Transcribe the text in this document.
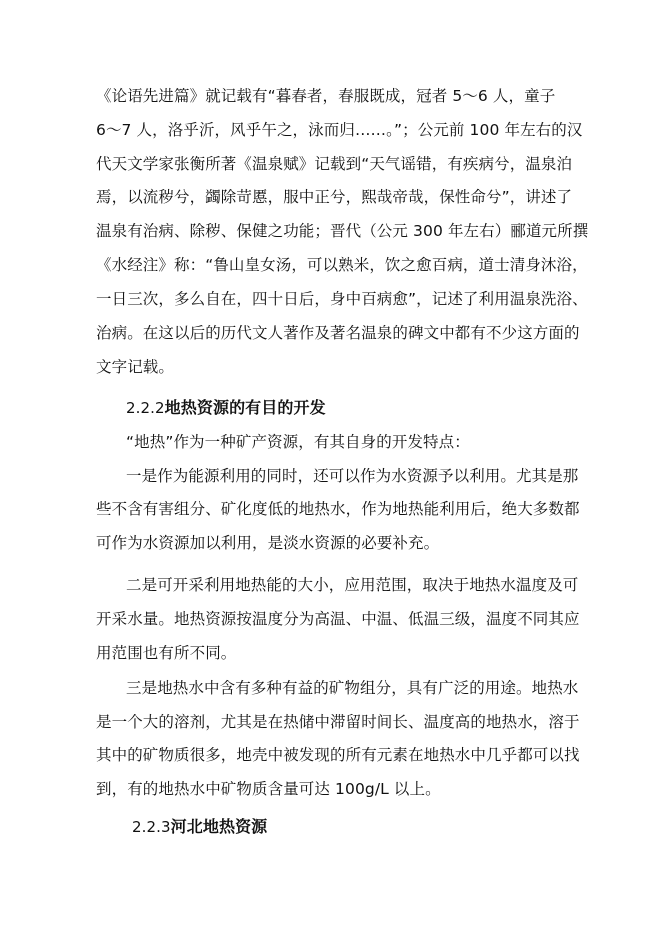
《论语先进篇》就记载有“暮春者，春服既成，冠者 5～6 人，童子
6～7 人，洛乎沂，风乎午之，泳而归……。”；公元前 100 年左右的汉
代天文学家张衡所著《温泉赋》记载到“天气谣错，有疾病兮，温泉泊
焉，以流秽兮，蠲除苛慝，服中正兮，熙哉帝哉，保性命兮”，讲述了
温泉有治病、除秽、保健之功能；晋代（公元 300 年左右）郦道元所撰
《水经注》称：“鲁山皇女汤，可以熟米，饮之愈百病，道士清身沐浴，
一日三次，多么自在，四十日后，身中百病愈”，记述了利用温泉洗浴、
治病。在这以后的历代文人著作及著名温泉的碑文中都有不少这方面的
文字记载。
2.2.2地热资源的有目的开发
“地热”作为一种矿产资源，有其自身的开发特点：
一是作为能源利用的同时，还可以作为水资源予以利用。尤其是那
些不含有害组分、矿化度低的地热水，作为地热能利用后，绝大多数都
可作为水资源加以利用，是淡水资源的必要补充。
二是可开采利用地热能的大小，应用范围，取决于地热水温度及可
开采水量。地热资源按温度分为高温、中温、低温三级，温度不同其应
用范围也有所不同。
三是地热水中含有多种有益的矿物组分，具有广泛的用途。地热水
是一个大的溶剂，尤其是在热储中滞留时间长、温度高的地热水，溶于
其中的矿物质很多，地壳中被发现的所有元素在地热水中几乎都可以找
到，有的地热水中矿物质含量可达 100g/L 以上。
2.2.3河北地热资源
